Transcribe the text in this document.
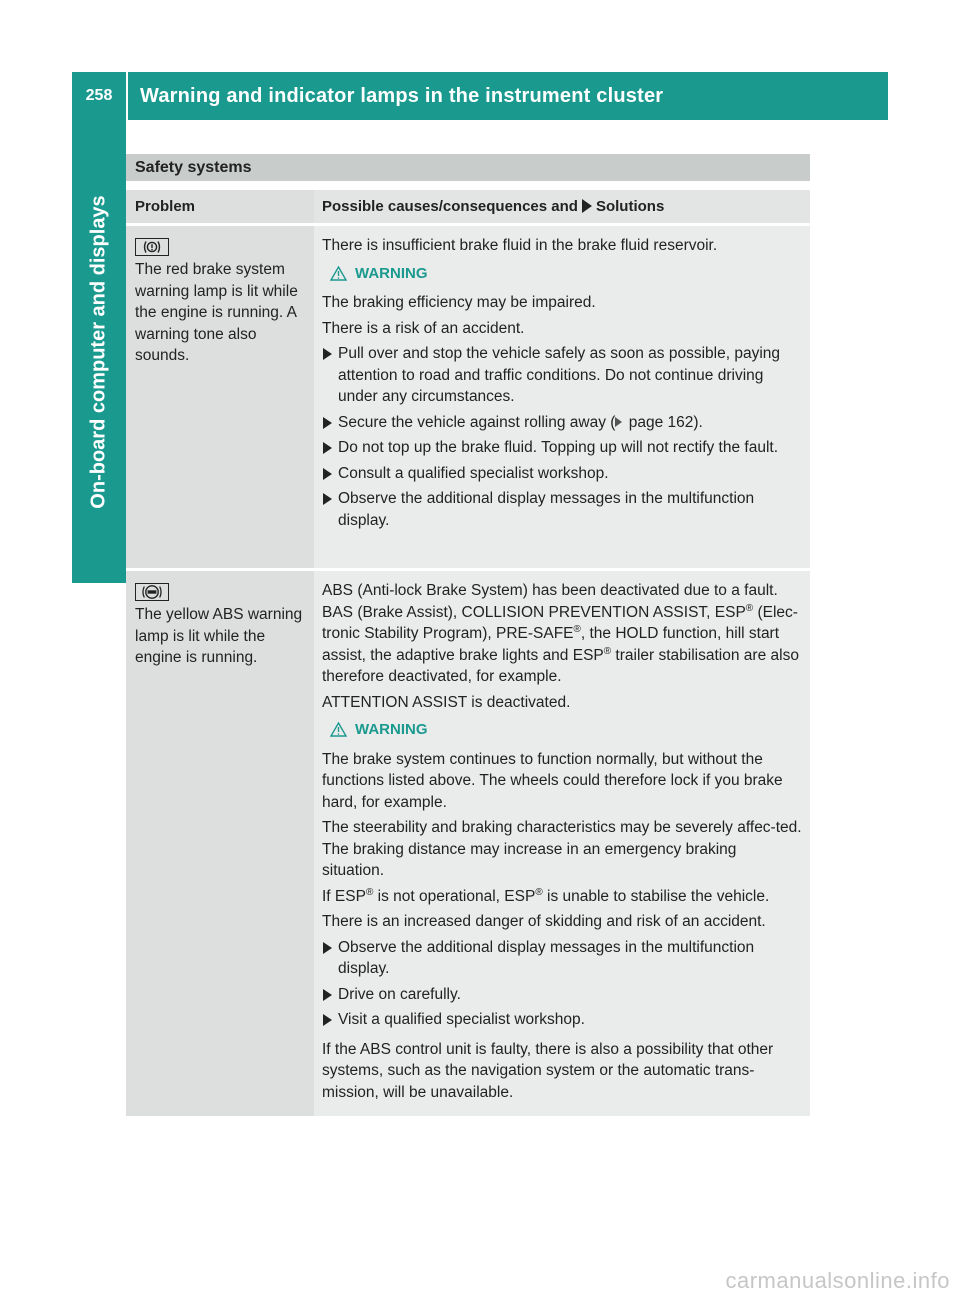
258	Warning and indicator lamps in the instrument cluster
On-board computer and displays
Safety systems
Problem	Possible causes/consequences and Solutions
The red brake system warning lamp is lit while the engine is running. A warning tone also sounds.

There is insufficient brake fluid in the brake fluid reservoir.

WARNING

The braking efficiency may be impaired.

There is a risk of an accident.

Pull over and stop the vehicle safely as soon as possible, paying attention to road and traffic conditions. Do not continue driving under any circumstances.

Secure the vehicle against rolling away ( page 162).

Do not top up the brake fluid. Topping up will not rectify the fault.

Consult a qualified specialist workshop.

Observe the additional display messages in the multifunction display.

The yellow ABS warning lamp is lit while the engine is running.

ABS (Anti-lock Brake System) has been deactivated due to a fault. BAS (Brake Assist), COLLISION PREVENTION ASSIST, ESP® (Elec-tronic Stability Program), PRE-SAFE®, the HOLD function, hill start assist, the adaptive brake lights and ESP® trailer stabilisation are also therefore deactivated, for example.

ATTENTION ASSIST is deactivated.

WARNING

The brake system continues to function normally, but without the functions listed above. The wheels could therefore lock if you brake hard, for example.

The steerability and braking characteristics may be severely affec-ted. The braking distance may increase in an emergency braking situation.

If ESP® is not operational, ESP® is unable to stabilise the vehicle.

There is an increased danger of skidding and risk of an accident.

Observe the additional display messages in the multifunction display.

Drive on carefully.

Visit a qualified specialist workshop.

If the ABS control unit is faulty, there is also a possibility that other systems, such as the navigation system or the automatic trans-mission, will be unavailable.

carmanualsonline.info
